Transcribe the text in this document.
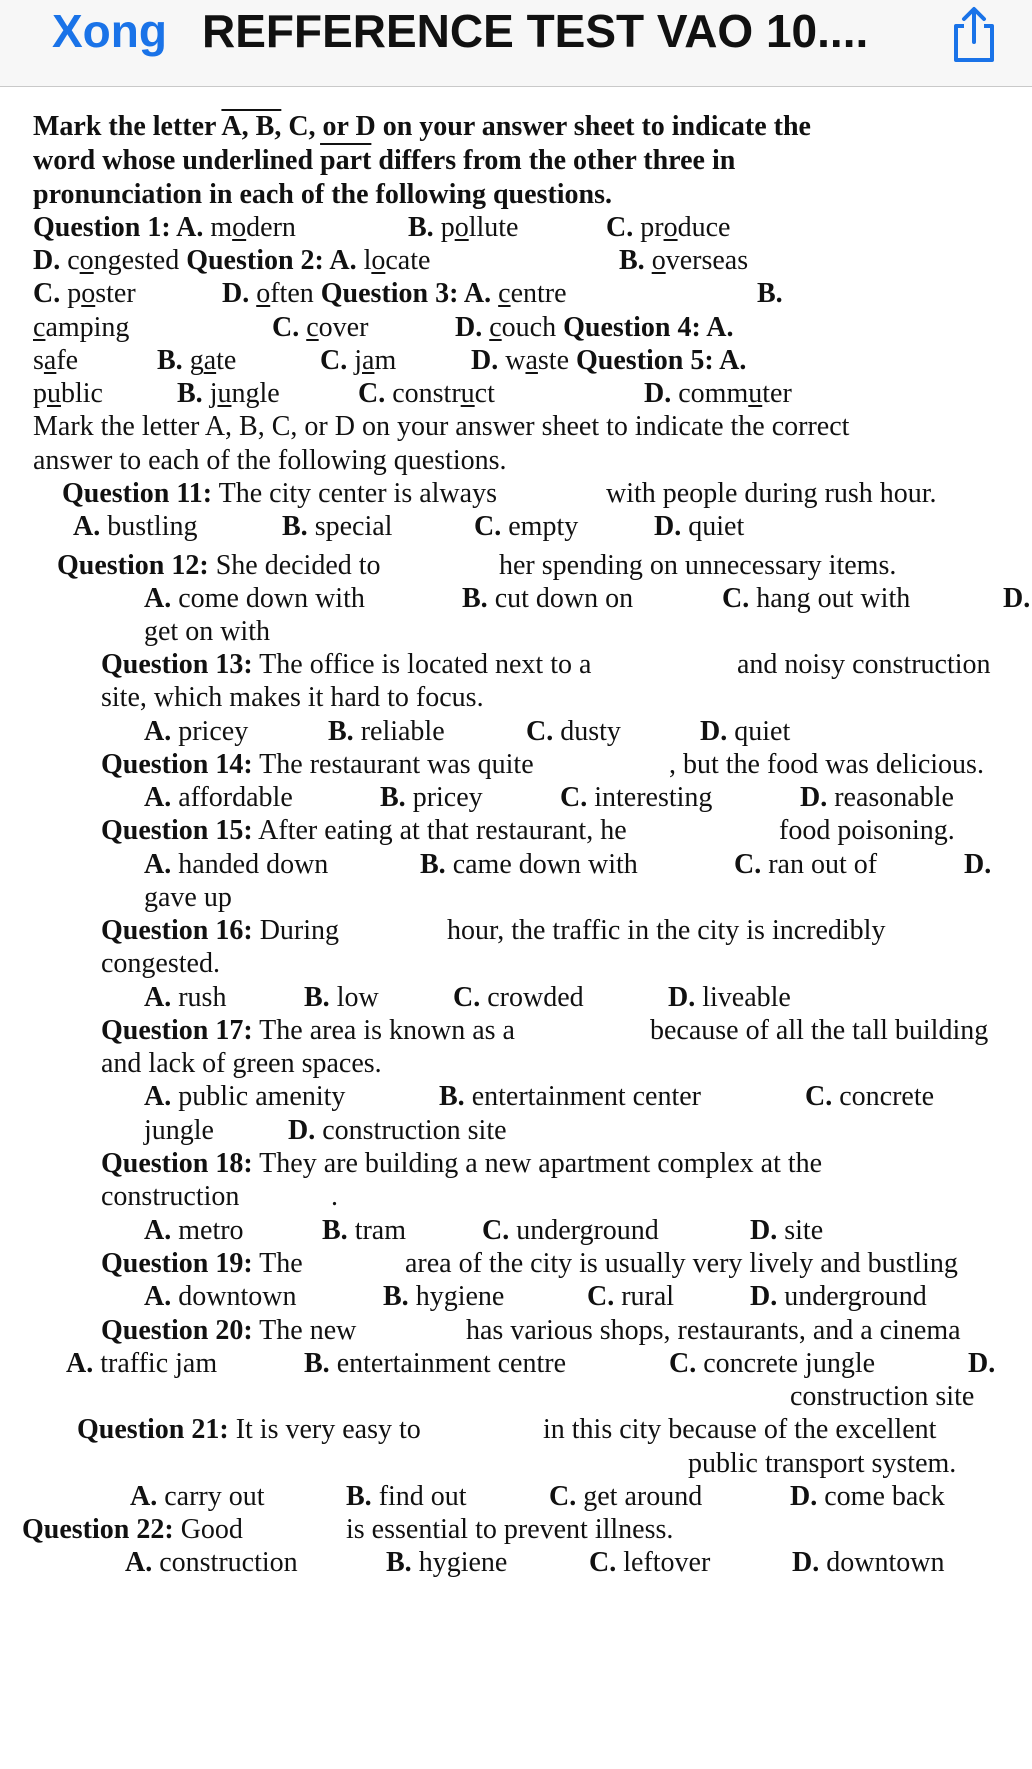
Xong REFFERENCE TEST VAO 10....
Mark the letter A, B, C, or D on your answer sheet to indicate the
word whose underlined part differs from the other three in
pronunciation in each of the following questions.
Question 1: A. modern	B. pollute	C. produce
D. congested Question 2: A. locate	B. overseas
C. poster	D. often Question 3: A. centre	B.
camping	C. cover	D. couch Question 4: A.
safe	B. gate	C. jam	D. waste Question 5: A.
public	B. jungle	C. construct	D. commuter
Mark the letter A, B, C, or D on your answer sheet to indicate the correct
answer to each of the following questions.
Question 11: The city center is always	with people during rush hour.
A. bustling	B. special	C. empty	D. quiet
Question 12: She decided to	her spending on unnecessary items.
A. come down with	B. cut down on	C. hang out with	D.
get on with
Question 13: The office is located next to a	and noisy construction
site, which makes it hard to focus.
A. pricey	B. reliable	C. dusty	D. quiet
Question 14: The restaurant was quite	, but the food was delicious.
A. affordable	B. pricey	C. interesting	D. reasonable
Question 15: After eating at that restaurant, he	food poisoning.
A. handed down	B. came down with	C. ran out of	D.
gave up
Question 16: During	hour, the traffic in the city is incredibly
congested.
A. rush	B. low	C. crowded	D. liveable
Question 17: The area is known as a	because of all the tall building
and lack of green spaces.
A. public amenity	B. entertainment center	C. concrete
jungle	D. construction site
Question 18: They are building a new apartment complex at the
construction	.
A. metro	B. tram	C. underground	D. site
Question 19: The	area of the city is usually very lively and bustling
A. downtown	B. hygiene	C. rural	D. underground
Question 20: The new	has various shops, restaurants, and a cinema
A. traffic jam	B. entertainment centre	C. concrete jungle	D.
construction site
Question 21: It is very easy to	in this city because of the excellent
public transport system.
A. carry out	B. find out	C. get around	D. come back
Question 22: Good	is essential to prevent illness.
A. construction	B. hygiene	C. leftover	D. downtown
